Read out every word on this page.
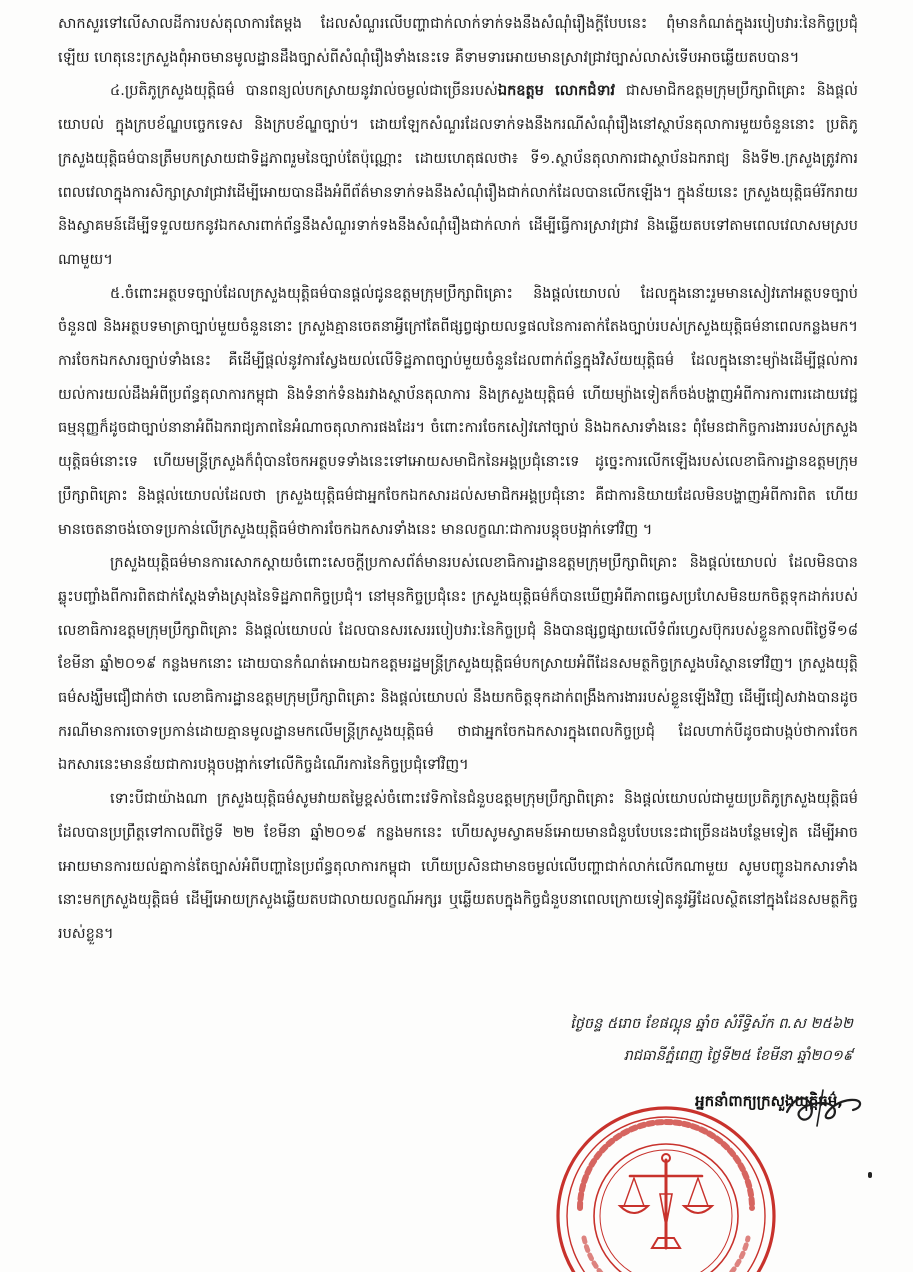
សាកសួរទៅលើសាលដីការបស់តុលាការតែម្តង ដែលសំណួរលើបញ្ហាជាក់លាក់ទាក់ទងនឹងសំណុំរឿងក្តីបែបនេះ ពុំមានកំណត់ក្នុងរបៀបវារៈនៃកិច្ចប្រជុំឡើយ ហេតុនេះក្រសួងពុំអាចមានមូលដ្ឋានដឹងច្បាស់ពីសំណុំរឿងទាំងនេះទេ គឺទាមទារអោយមានស្រាវជ្រាវច្បាស់លាស់ទើបអាចឆ្លើយតបបាន។

៤.ប្រតិភូក្រសួងយុត្តិធម៌ បានពន្យល់បកស្រាយនូវរាល់ចម្ងល់ជាច្រើនរបស់ឯកឧត្តម លោកជំទាវ ជាសមាជិកឧត្តមក្រុមប្រឹក្សាពិគ្រោះ និងផ្តល់យោបល់ ក្នុងក្របខ័ណ្ឌបច្ចេកទេស និងក្របខ័ណ្ឌច្បាប់។ ដោយឡែកសំណួរដែលទាក់ទងនឹងករណីសំណុំរឿងនៅស្ថាប័នតុលាការមួយចំនួននោះ ប្រតិភូក្រសួងយុត្តិធម៌បានត្រឹមបកស្រាយជាទិដ្ឋភាពរួមនៃច្បាប់តែប៉ុណ្ណោះ ដោយហេតុផលថា៖ ទី១.ស្ថាប័នតុលាការជាស្ថាប័នឯករាជ្យ និងទី២.ក្រសួងត្រូវការពេលវេលាក្នុងការសិក្សាស្រាវជ្រាវដើម្បីអោយបានដឹងអំពីព័ត៌មានទាក់ទងនឹងសំណុំរឿងជាក់លាក់ដែលបានលើកឡើង។ ក្នុងន័យនេះ ក្រសួងយុត្តិធម៌រីករាយ និងស្វាគមន៍ដើម្បីទទួលយកនូវឯកសារពាក់ព័ន្ធនឹងសំណួរទាក់ទងនឹងសំណុំរឿងជាក់លាក់ ដើម្បីធ្វើការស្រាវជ្រាវ និងឆ្លើយតបទៅតាមពេលវេលាសមស្របណាមួយ។

៥.ចំពោះអត្ថបទច្បាប់ដែលក្រសួងយុត្តិធម៌បានផ្តល់ជូនឧត្តមក្រុមប្រឹក្សាពិគ្រោះ និងផ្តល់យោបល់ ដែលក្នុងនោះរួមមានសៀវភៅអត្ថបទច្បាប់ចំនួន៧ និងអត្ថបទមាត្រាច្បាប់មួយចំនួននោះ ក្រសួងគ្មានចេតនាអ្វីក្រៅតែពីផ្សព្វផ្សាយលទ្ធផលនៃការតាក់តែងច្បាប់របស់ក្រសួងយុត្តិធម៌នាពេលកន្លងមក។ ការចែកឯកសារច្បាប់ទាំងនេះ គឺដើម្បីផ្តល់នូវការស្វែងយល់លើទិដ្ឋភាពច្បាប់មួយចំនួនដែលពាក់ព័ន្ធក្នុងវិស័យយុត្តិធម៌ ដែលក្នុងនោះម្យ៉ាងដើម្បីផ្តល់ការយល់ការយល់ដឹងអំពីប្រព័ន្ធតុលាការកម្ពុជា និងទំនាក់ទំនងរវាងស្ថាប័នតុលាការ និងក្រសួងយុត្តិធម៌ ហើយម្យ៉ាងទៀតក៏ចង់បង្ហាញអំពីការការពារដោយវេជ្ជធម្មនុញ្ញក៏ដូចជាច្បាប់នានាអំពីឯករាជ្យភាពនៃអំណាចតុលាការផងដែរ។ ចំពោះការចែកសៀវភៅច្បាប់ និងឯកសារទាំងនេះ ពុំមែនជាកិច្ចការងាររបស់ក្រសួងយុត្តិធម៌នោះទេ ហើយមន្ត្រីក្រសួងក៏ពុំបានចែកអត្ថបទទាំងនេះទៅអោយសមាជិកនៃអង្គប្រជុំនោះទេ ដូច្នេះការលើកឡើងរបស់លេខាធិការដ្ឋានឧត្តមក្រុមប្រឹក្សាពិគ្រោះ និងផ្តល់យោបល់ដែលថា ក្រសួងយុត្តិធម៌ជាអ្នកចែកឯកសារដល់សមាជិកអង្គប្រជុំនោះ គឺជាការនិយាយដែលមិនបង្ហាញអំពីការពិត ហើយមានចេតនាចង់ចោទប្រកាន់លើក្រសួងយុត្តិធម៌ថាការចែកឯកសារទាំងនេះ មានលក្ខណៈជាការបន្តុចបង្អាក់ទៅវិញ ។

ក្រសួងយុត្តិធម៌មានការសោកស្តាយចំពោះសេចក្តីប្រកាសព័ត៌មានរបស់លេខាធិការដ្ឋានឧត្តមក្រុមប្រឹក្សាពិគ្រោះ និងផ្តល់យោបល់ ដែលមិនបានឆ្លុះបញ្ចាំងពីការពិតជាក់ស្តែងទាំងស្រុងនៃទិដ្ឋភាពកិច្ចប្រជុំ។ នៅមុនកិច្ចប្រជុំនេះ ក្រសួងយុត្តិធម៌ក៏បានឃើញអំពីភាពធ្វេសប្រហែសមិនយកចិត្តទុកដាក់របស់លេខាធិការឧត្តមក្រុមប្រឹក្សាពិគ្រោះ និងផ្តល់យោបល់ ដែលបានសរសេររបៀបវារៈនៃកិច្ចប្រជុំ និងបានផ្សព្វផ្សាយលើទំព័រហ្វេសប៊ុករបស់ខ្លួនកាលពីថ្ងៃទី១៨ ខែមីនា ឆ្នាំ២០១៩ កន្លងមកនោះ ដោយបានកំណត់អោយឯកឧត្តមរដ្ឋមន្ត្រីក្រសួងយុត្តិធម៌បកស្រាយអំពីដែនសមត្ថកិច្ចក្រសួងបរិស្ថានទៅវិញ។ ក្រសួងយុត្តិធម៌សង្ឃឹមជឿជាក់ថា លេខាធិការដ្ឋានឧត្តមក្រុមប្រឹក្សាពិគ្រោះ និងផ្តល់យោបល់ នឹងយកចិត្តទុកដាក់ពង្រឹងការងាររបស់ខ្លួនឡើងវិញ ដើម្បីជៀសវាងបានដូចករណីមានការចោទប្រកាន់ដោយគ្មានមូលដ្ឋានមកលើមន្ត្រីក្រសួងយុត្តិធម៌ ថាជាអ្នកចែកឯកសារក្នុងពេលកិច្ចប្រជុំ ដែលហាក់បីដូចជាបង្កប់ថាការចែកឯកសារនេះមានន័យជាការបង្កុចបង្អាក់ទៅលើកិច្ចដំណើរការនៃកិច្ចប្រជុំទៅវិញ។

ទោះបីជាយ៉ាងណា ក្រសួងយុត្តិធម៌សូមវាយតម្លៃខ្ពស់ចំពោះវេទិកានៃជំនួបឧត្តមក្រុមប្រឹក្សាពិគ្រោះ និងផ្តល់យោបល់ជាមួយប្រតិភូក្រសួងយុត្តិធម៌ ដែលបានប្រព្រឹត្តទៅកាលពីថ្ងៃទី ២២ ខែមីនា ឆ្នាំ២០១៩ កន្លងមកនេះ ហើយសូមស្វាគមន៍អោយមានជំនួបបែបនេះជាច្រើនដងបន្ថែមទៀត ដើម្បីអាចអោយមានការយល់គ្នាកាន់តែច្បាស់អំពីបញ្ហានៃប្រព័ន្ធតុលាការកម្ពុជា ហើយប្រសិនជាមានចម្ងល់លើបញ្ហាជាក់លាក់លើកណាមួយ សូមបញ្ជូនឯកសារទាំងនោះមកក្រសួងយុត្តិធម៌ ដើម្បីអោយក្រសួងឆ្លើយតបជាលាយលក្ខណ៍អក្សរ ឬឆ្លើយតបក្នុងកិច្ចជំនួបនាពេលក្រោយទៀតនូវអ្វីដែលស្ថិតនៅក្នុងដែនសមត្ថកិច្ចរបស់ខ្លួន។

ថ្ងៃចន្ទ ៥រោច ខែផល្គុន ឆ្នាំច សំរឹទ្ធិស័ក ព.ស ២៥៦២
រាជធានីភ្នំពេញ ថ្ងៃទី២៥ ខែមីនា ឆ្នាំ២០១៩
អ្នកនាំពាក្យក្រសួងយុត្តិធម៌,
